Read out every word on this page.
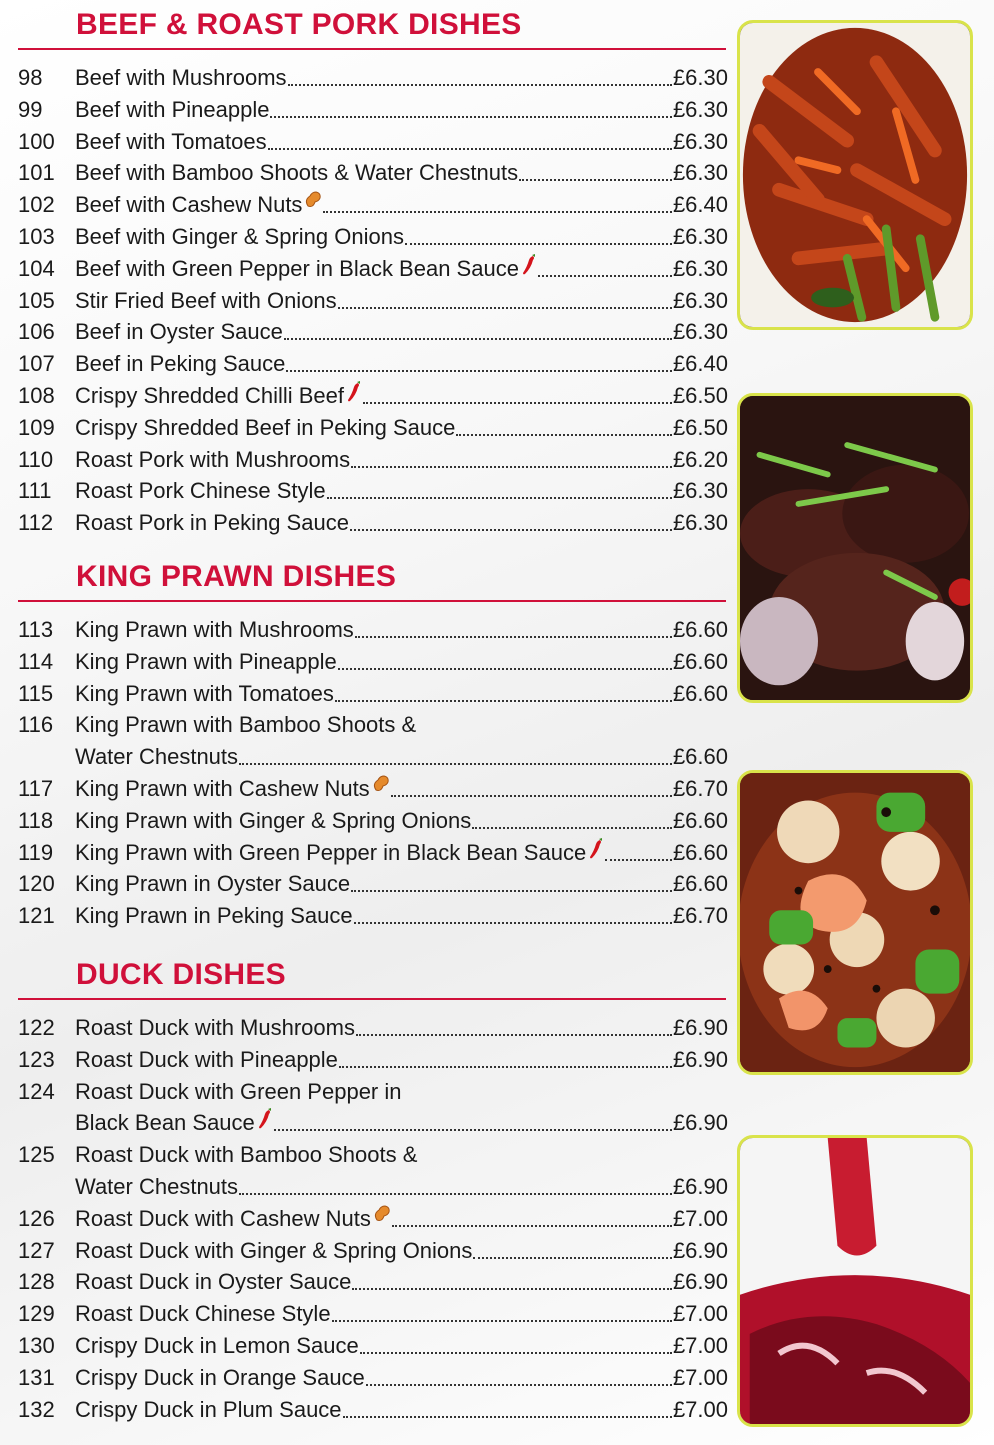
BEEF & ROAST PORK DISHES
98	Beef with Mushrooms	£6.30
99	Beef with Pineapple	£6.30
100 Beef with Tomatoes	£6.30
101 Beef with Bamboo Shoots & Water Chestnuts	£6.30
102 Beef with Cashew Nuts	£6.40
103 Beef with Ginger & Spring Onions	£6.30
104 Beef with Green Pepper in Black Bean Sauce	£6.30
105 Stir Fried Beef with Onions	£6.30
106 Beef in Oyster Sauce	£6.30
107 Beef in Peking Sauce	£6.40
108 Crispy Shredded Chilli Beef	£6.50
109 Crispy Shredded Beef in Peking Sauce	£6.50
110 Roast Pork with Mushrooms	£6.20
111	Roast Pork Chinese Style	£6.30
112 Roast Pork in Peking Sauce	£6.30
KING PRAWN DISHES
113 King Prawn with Mushrooms	£6.60
114 King Prawn with Pineapple	£6.60
115 King Prawn with Tomatoes	£6.60
116 King Prawn with Bamboo Shoots &
Water Chestnuts	£6.60
117 King Prawn with Cashew Nuts	£6.70
118 King Prawn with Ginger & Spring Onions	£6.60
119 King Prawn with Green Pepper in Black Bean Sauce	£6.60
120 King Prawn in Oyster Sauce	£6.60
121 King Prawn in Peking Sauce	£6.70
DUCK DISHES
122 Roast Duck with Mushrooms	£6.90
123 Roast Duck with Pineapple	£6.90
124 Roast Duck with Green Pepper in
Black Bean Sauce	£6.90
125 Roast Duck with Bamboo Shoots &
Water Chestnuts	£6.90
126 Roast Duck with Cashew Nuts	£7.00
127 Roast Duck with Ginger & Spring Onions	£6.90
128 Roast Duck in Oyster Sauce	£6.90
129 Roast Duck Chinese Style	£7.00
130 Crispy Duck in Lemon Sauce	£7.00
131 Crispy Duck in Orange Sauce	£7.00
132 Crispy Duck in Plum Sauce	£7.00
